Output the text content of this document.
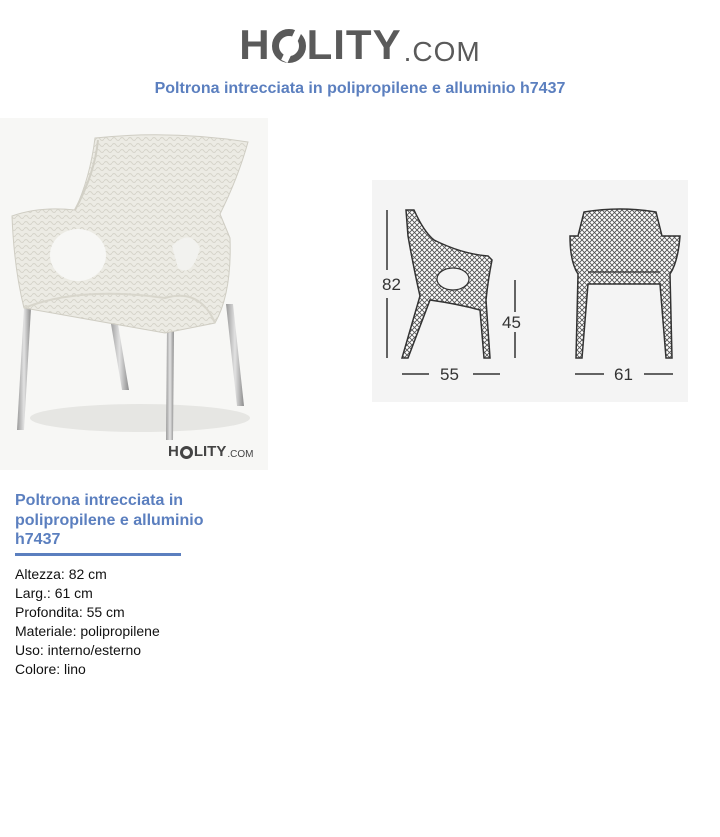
H LITY .COM
Poltrona intrecciata in polipropilene e alluminio h7437
H LITY .COM
82
45
55	61
Poltrona intrecciata in polipropilene e alluminio h7437
Altezza: 82 cm
Larg.: 61 cm
Profondita: 55 cm
Materiale: polipropilene
Uso: interno/esterno
Colore: lino
